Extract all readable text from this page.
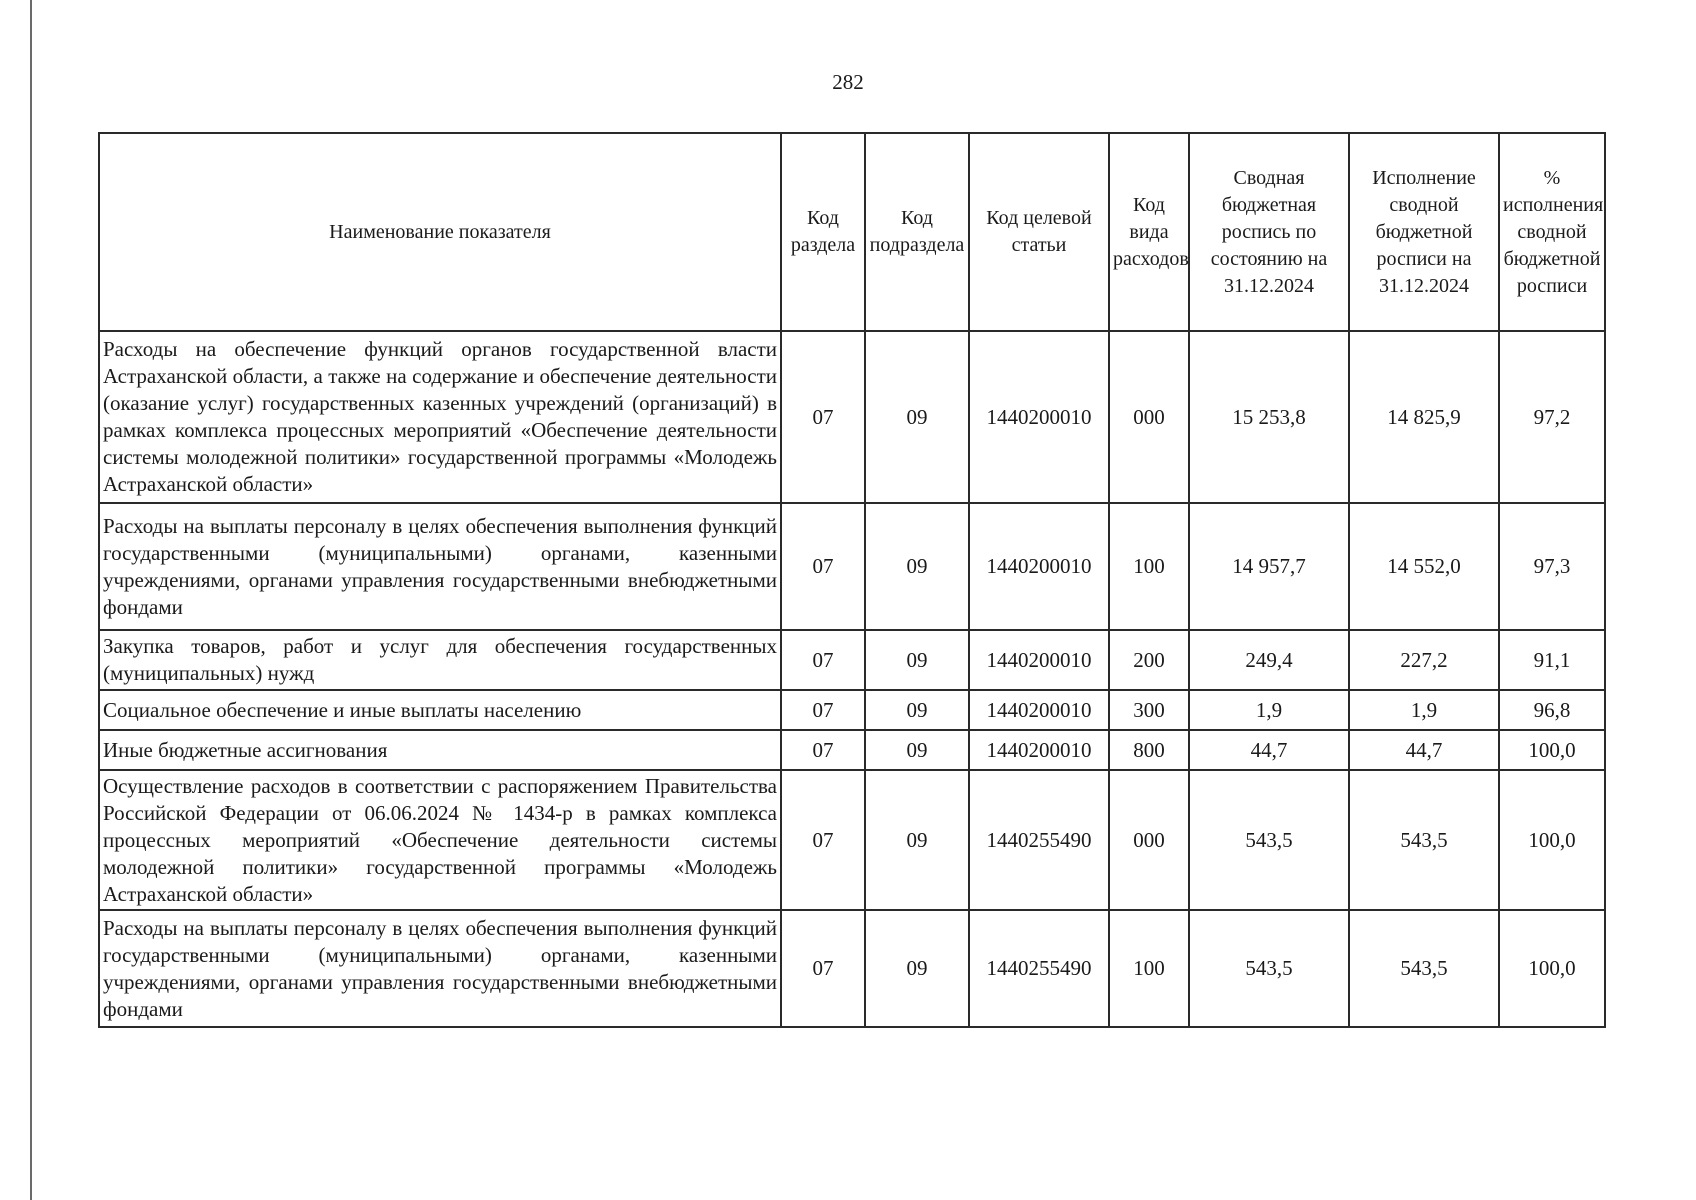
282
Наименование показателя	Код раздела	Код подраздела	Код целевой статьи	Код вида расходов	Сводная бюджетная роспись по состоянию на 31.12.2024	Исполнение сводной бюджетной росписи на 31.12.2024	% исполнения сводной бюджетной росписи
Расходы на обеспечение функций органов государственной власти Астраханской области, а также на содержание и обеспечение деятельности (оказание услуг) государственных казенных учреждений (организаций) в рамках комплекса процессных мероприятий «Обеспечение деятельности системы молодежной политики» государственной программы «Молодежь Астраханской области»	07	09	1440200010	000	15 253,8	14 825,9	97,2
Расходы на выплаты персоналу в целях обеспечения выполнения функций государственными (муниципальными) органами, казенными учреждениями, органами управления государственными внебюджетными фондами	07	09	1440200010	100	14 957,7	14 552,0	97,3
Закупка товаров, работ и услуг для обеспечения государственных (муниципальных) нужд	07	09	1440200010	200	249,4	227,2	91,1
Социальное обеспечение и иные выплаты населению	07	09	1440200010	300	1,9	1,9	96,8
Иные бюджетные ассигнования	07	09	1440200010	800	44,7	44,7	100,0
Осуществление расходов в соответствии с распоряжением Правительства Российской Федерации от 06.06.2024 № 1434-р в рамках комплекса процессных мероприятий «Обеспечение деятельности системы молодежной политики» государственной программы «Молодежь Астраханской области»	07	09	1440255490	000	543,5	543,5	100,0
Расходы на выплаты персоналу в целях обеспечения выполнения функций государственными (муниципальными) органами, казенными учреждениями, органами управления государственными внебюджетными фондами	07	09	1440255490	100	543,5	543,5	100,0
